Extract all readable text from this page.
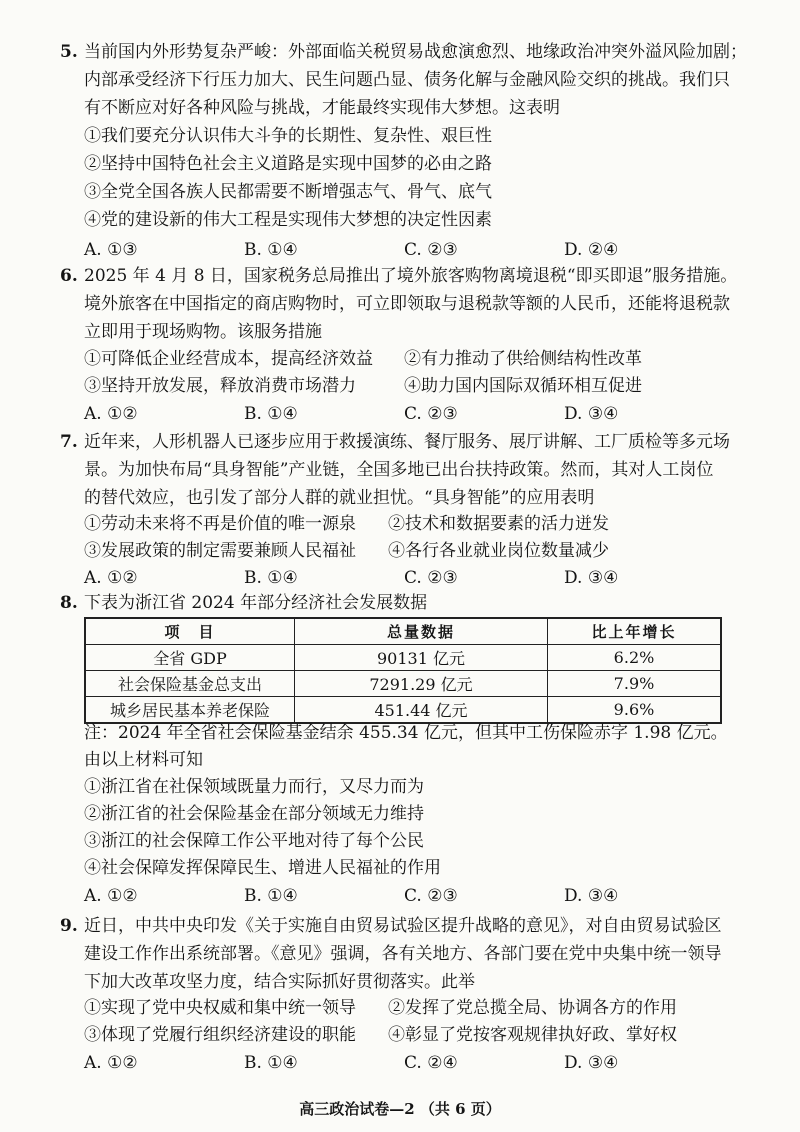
5. 当前国内外形势复杂严峻：外部面临关税贸易战愈演愈烈、地缘政治冲突外溢风险加剧；
内部承受经济下行压力加大、民生问题凸显、债务化解与金融风险交织的挑战。我们只
有不断应对好各种风险与挑战，才能最终实现伟大梦想。这表明
①我们要充分认识伟大斗争的长期性、复杂性、艰巨性
②坚持中国特色社会主义道路是实现中国梦的必由之路
③全党全国各族人民都需要不断增强志气、骨气、底气
④党的建设新的伟大工程是实现伟大梦想的决定性因素
A. ①③	B. ①④	C. ②③	D. ②④
6. 2025 年 4 月 8 日，国家税务总局推出了境外旅客购物离境退税“即买即退”服务措施。
境外旅客在中国指定的商店购物时，可立即领取与退税款等额的人民币，还能将退税款
立即用于现场购物。该服务措施
①可降低企业经营成本，提高经济效益 ②有力推动了供给侧结构性改革
③坚持开放发展，释放消费市场潜力	④助力国内国际双循环相互促进
A. ①②	B. ①④	C. ②③	D. ③④
7. 近年来，人形机器人已逐步应用于救援演练、餐厅服务、展厅讲解、工厂质检等多元场
景。为加快布局“具身智能”产业链，全国多地已出台扶持政策。然而，其对人工岗位
的替代效应，也引发了部分人群的就业担忧。“具身智能”的应用表明
①劳动未来将不再是价值的唯一源泉 ②技术和数据要素的活力迸发
③发展政策的制定需要兼顾人民福祉 ④各行各业就业岗位数量减少
A. ①②	B. ①④	C. ②③	D. ③④
8. 下表为浙江省 2024 年部分经济社会发展数据
项　目	总量数据	比上年增长
全省 GDP	90131 亿元	6.2%
社会保险基金总支出	7291.29 亿元	7.9%
城乡居民基本养老保险	451.44 亿元	9.6%
注：2024 年全省社会保险基金结余 455.34 亿元，但其中工伤保险赤字 1.98 亿元。
由以上材料可知
①浙江省在社保领域既量力而行，又尽力而为
②浙江省的社会保险基金在部分领域无力维持
③浙江的社会保障工作公平地对待了每个公民
④社会保障发挥保障民生、增进人民福祉的作用
A. ①②	B. ①④	C. ②③	D. ③④
9. 近日，中共中央印发《关于实施自由贸易试验区提升战略的意见》，对自由贸易试验区
建设工作作出系统部署。《意见》强调，各有关地方、各部门要在党中央集中统一领导
下加大改革攻坚力度，结合实际抓好贯彻落实。此举
①实现了党中央权威和集中统一领导 ②发挥了党总揽全局、协调各方的作用
③体现了党履行组织经济建设的职能 ④彰显了党按客观规律执好政、掌好权
A. ①②	B. ①④	C. ②④	D. ③④
高三政治试卷—2 （共 6 页）
